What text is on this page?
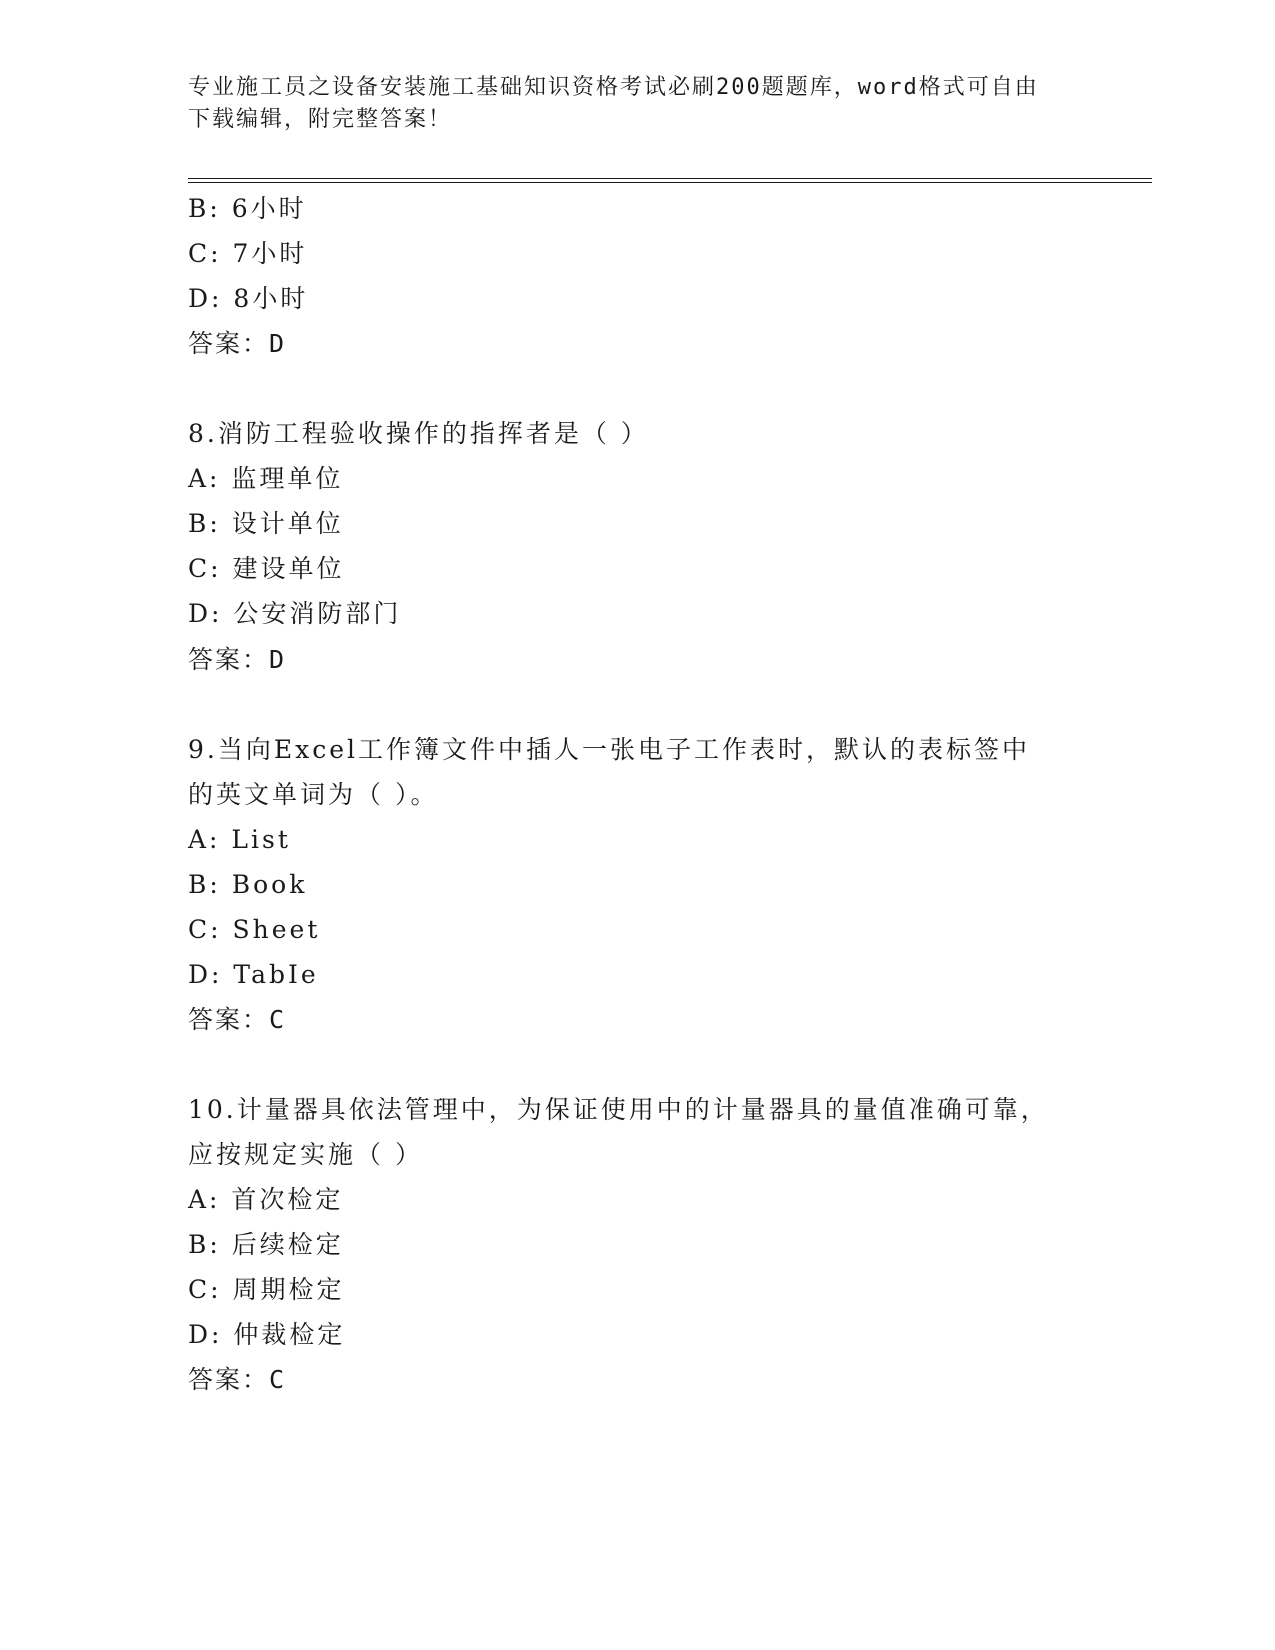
专业施工员之设备安装施工基础知识资格考试必刷200题题库，word格式可自由
下载编辑，附完整答案！
B: 6小时
C: 7小时
D: 8小时
答案：D
8.消防工程验收操作的指挥者是（ ）
A: 监理单位
B: 设计单位
C: 建设单位
D: 公安消防部门
答案：D
9.当向Excel工作簿文件中插人一张电子工作表时，默认的表标签中
的英文单词为（ ）。
A: List
B: Book
C: Sheet
D: TabIe
答案：C
10.计量器具依法管理中，为保证使用中的计量器具的量值准确可靠，
应按规定实施（ ）
A: 首次检定
B: 后续检定
C: 周期检定
D: 仲裁检定
答案：C
